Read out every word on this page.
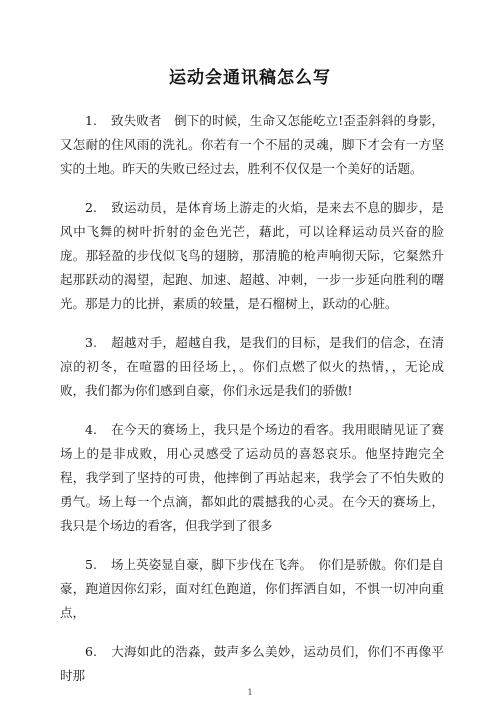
运动会通讯稿怎么写

1. 致失败者　倒下的时候，生命又怎能屹立!歪歪斜斜的身影，又怎耐的住风雨的洗礼。你若有一个不屈的灵魂，脚下才会有一方坚实的土地。昨天的失败已经过去，胜利不仅仅是一个美好的话题。

2. 致运动员，是体育场上游走的火焰，是来去不息的脚步，是风中飞舞的树叶折射的金色光芒，藉此，可以诠释运动员兴奋的脸庞。那轻盈的步伐似飞鸟的翅膀，那清脆的枪声响彻天际，它粲然升起那跃动的渴望，起跑、加速、超越、冲刺，一步一步延向胜利的曙光。那是力的比拼，素质的较量，是石榴树上，跃动的心脏。

3. 超越对手，超越自我，是我们的目标，是我们的信念，在清凉的初冬，在喧嚣的田径场上，。你们点燃了似火的热情，，无论成败，我们都为你们感到自豪，你们永远是我们的骄傲!

4. 在今天的赛场上，我只是个场边的看客。我用眼睛见证了赛场上的是非成败，用心灵感受了运动员的喜怒哀乐。他坚持跑完全程，我学到了坚持的可贵，他摔倒了再站起来，我学会了不怕失败的勇气。场上每一个点滴，都如此的震撼我的心灵。在今天的赛场上，我只是个场边的看客，但我学到了很多

5. 场上英姿显自豪，脚下步伐在飞奔。　你们是骄傲。你们是自豪，跑道因你幻彩，面对红色跑道，你们挥洒自如，不惧一切冲向重点，

6. 大海如此的浩淼，鼓声多么美妙，运动员们，你们不再像平时那

1
